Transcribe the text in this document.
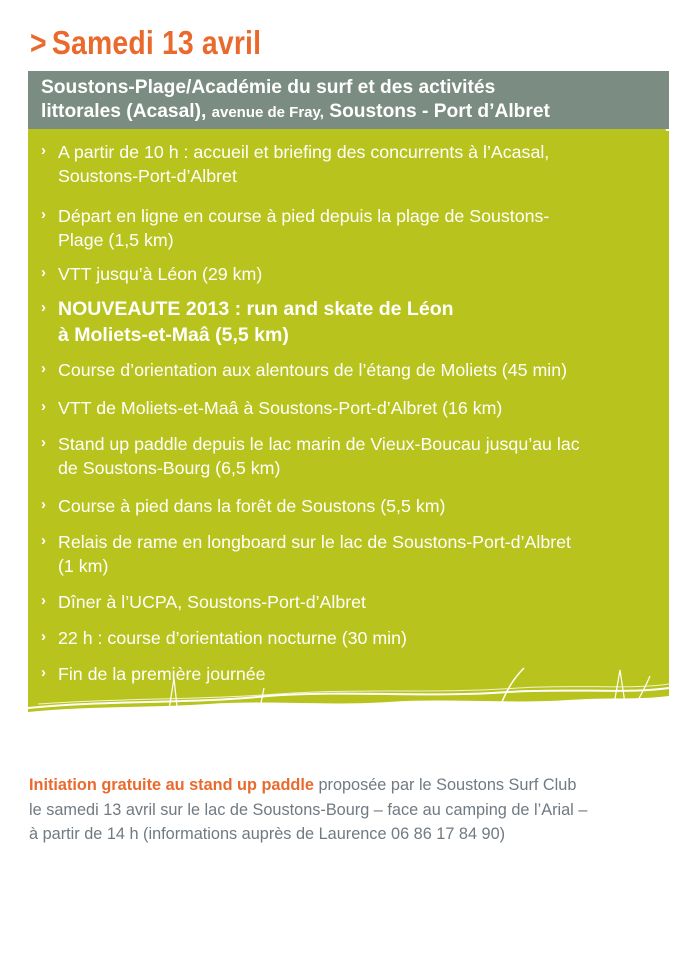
> Samedi 13 avril
› A partir de 10 h : accueil et briefing des concurrents à l’Acasal,
Soustons-Port-d’Albret
› Départ en ligne en course à pied depuis la plage de Soustons-
Plage (1,5 km)
› VTT jusqu’à Léon (29 km)
› NOUVEAUTE 2013 : run and skate de Léon
à Moliets-et-Maâ (5,5 km)
› Course d’orientation aux alentours de l’étang de Moliets (45 min)
› VTT de Moliets-et-Maâ à Soustons-Port-d’Albret (16 km)
› Stand up paddle depuis le lac marin de Vieux-Boucau jusqu’au lac
de Soustons-Bourg (6,5 km)
› Course à pied dans la forêt de Soustons (5,5 km)
› Relais de rame en longboard sur le lac de Soustons-Port-d’Albret
(1 km)
› Dîner à l’UCPA, Soustons-Port-d’Albret
› 22 h : course d’orientation nocturne (30 min)
› Fin de la première journée
Soustons-Plage/Académie du surf et des activités
littorales (Acasal), avenue de Fray, Soustons - Port d’Albret
Initiation gratuite au stand up paddle proposée par le Soustons Surf Club
le samedi 13 avril sur le lac de Soustons-Bourg – face au camping de l’Arial –
à partir de 14 h (informations auprès de Laurence 06 86 17 84 90)
